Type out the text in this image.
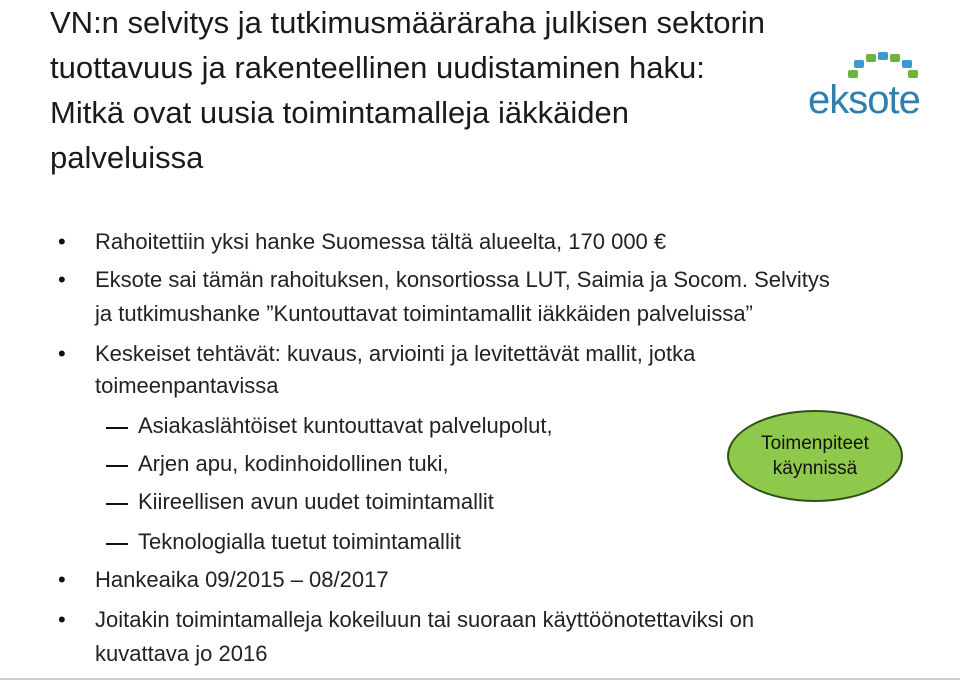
VN:n selvitys ja tutkimusmääräraha julkisen sektorin tuottavuus ja rakenteellinen uudistaminen haku: Mitkä ovat uusia toimintamalleja iäkkäiden palveluissa
eksote
• Rahoitettiin yksi hanke Suomessa tältä alueelta, 170 000 €
• Eksote sai tämän rahoituksen, konsortiossa LUT, Saimia ja Socom. Selvitys
ja tutkimushanke ”Kuntouttavat toimintamallit iäkkäiden palveluissa”
• Keskeiset tehtävät: kuvaus, arviointi ja levitettävät mallit, jotka
toimeenpantavissa
Asiakaslähtöiset kuntouttavat palvelupolut,
Arjen apu, kodinhoidollinen tuki,
Kiireellisen avun uudet toimintamallit
Teknologialla tuetut toimintamallit
• Hankeaika 09/2015 – 08/2017
• Joitakin toimintamalleja kokeiluun tai suoraan käyttöönotettaviksi on
kuvattava jo 2016
Toimenpiteet
käynnissä
